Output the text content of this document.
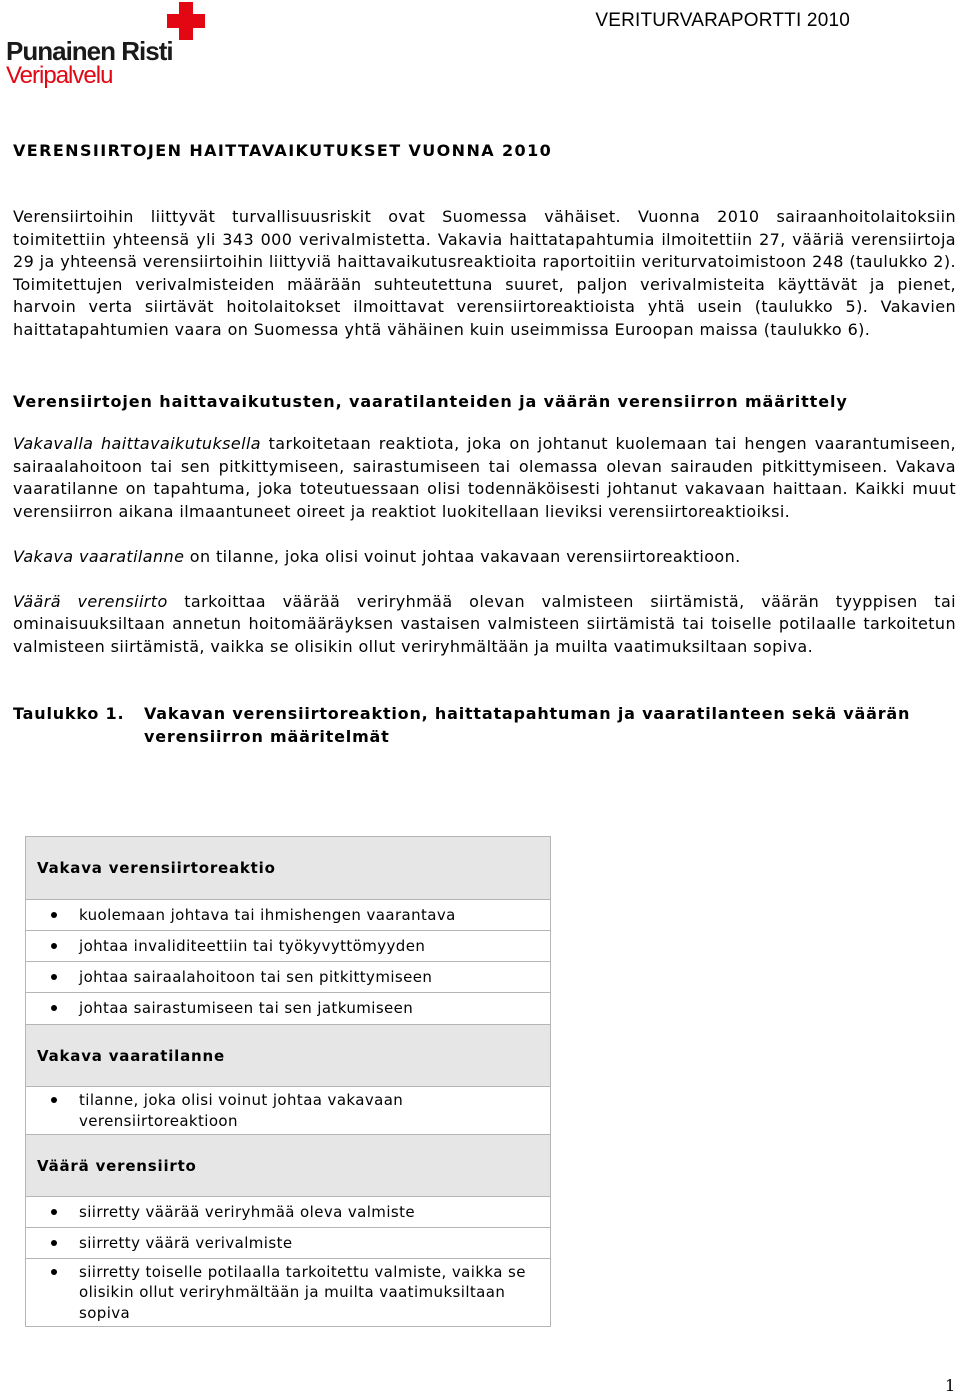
Punainen Risti
Veripalvelu
VERITURVARAPORTTI 2010
VERENSIIRTOJEN HAITTAVAIKUTUKSET VUONNA 2010

Verensiirtoihin liittyvät turvallisuusriskit ovat Suomessa vähäiset. Vuonna 2010 sairaanhoitolaitoksiin toimitettiin yhteensä yli 343 000 verivalmistetta. Vakavia haittatapahtumia ilmoitettiin 27, vääriä verensiirtoja 29 ja yhteensä verensiirtoihin liittyviä haittavaikutusreaktioita raportoitiin veriturvatoimistoon 248 (taulukko 2). Toimitettujen verivalmisteiden määrään suhteutettuna suuret, paljon verivalmisteita käyttävät ja pienet, harvoin verta siirtävät hoitolaitokset ilmoittavat verensiirtoreaktioista yhtä usein (taulukko 5). Vakavien haittatapahtumien vaara on Suomessa yhtä vähäinen kuin useimmissa Euroopan maissa (taulukko 6).

Verensiirtojen haittavaikutusten, vaaratilanteiden ja väärän verensiirron määrittely

Vakavalla haittavaikutuksella tarkoitetaan reaktiota, joka on johtanut kuolemaan tai hengen vaarantumiseen, sairaalahoitoon tai sen pitkittymiseen, sairastumiseen tai olemassa olevan sairauden pitkittymiseen. Vakava vaaratilanne on tapahtuma, joka toteutuessaan olisi todennäköisesti johtanut vakavaan haittaan. Kaikki muut verensiirron aikana ilmaantuneet oireet ja reaktiot luokitellaan lieviksi verensiirtoreaktioiksi.

Vakava vaaratilanne on tilanne, joka olisi voinut johtaa vakavaan verensiirtoreaktioon.

Väärä verensiirto tarkoittaa väärää veriryhmää olevan valmisteen siirtämistä, väärän tyyppisen tai ominaisuuksiltaan annetun hoitomääräyksen vastaisen valmisteen siirtämistä tai toiselle potilaalle tarkoitetun valmisteen siirtämistä, vaikka se olisikin ollut veriryhmältään ja muilta vaatimuksiltaan sopiva.

Taulukko 1. Vakavan verensiirtoreaktion, haittatapahtuman ja vaaratilanteen sekä väärän verensiirron määritelmät
Vakava verensiirtoreaktio

kuolemaan johtava tai ihmishengen vaarantava

johtaa invaliditeettiin tai työkyvyttömyyden

johtaa sairaalahoitoon tai sen pitkittymiseen

johtaa sairastumiseen tai sen jatkumiseen

Vakava vaaratilanne

tilanne, joka olisi voinut johtaa vakavaan verensiirtoreaktioon

Väärä verensiirto

siirretty väärää veriryhmää oleva valmiste

siirretty väärä verivalmiste

siirretty toiselle potilaalla tarkoitettu valmiste, vaikka se olisikin ollut veriryhmältään ja muilta vaatimuksiltaan sopiva
1
